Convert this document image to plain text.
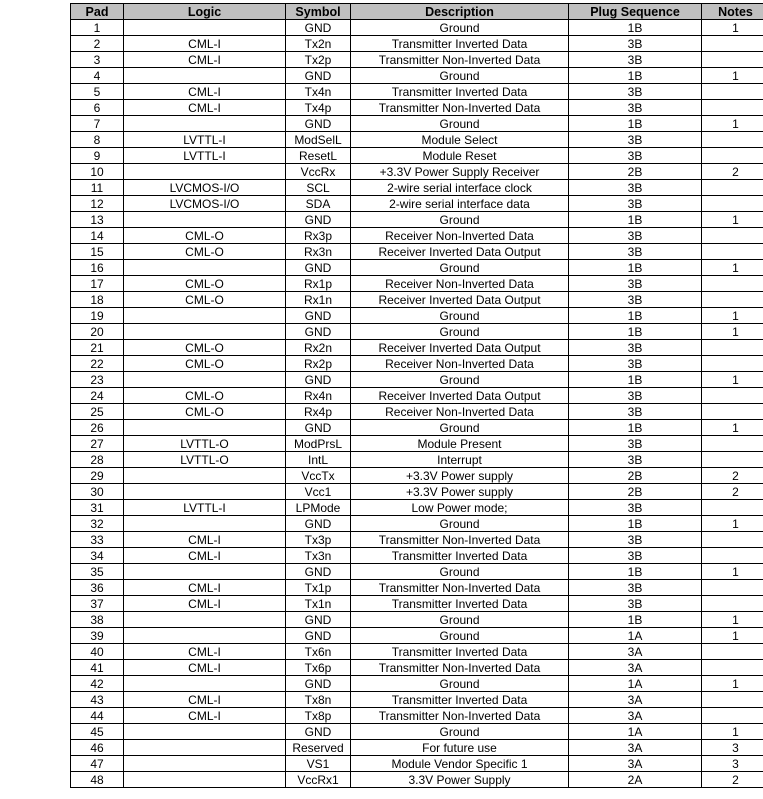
Pad	Logic	Symbol	Description	Plug Sequence	Notes
1		GND	Ground	1B	1
2	CML-I	Tx2n	Transmitter Inverted Data	3B	
3	CML-I	Tx2p	Transmitter Non-Inverted Data	3B	
4		GND	Ground	1B	1
5	CML-I	Tx4n	Transmitter Inverted Data	3B	
6	CML-I	Tx4p	Transmitter Non-Inverted Data	3B	
7		GND	Ground	1B	1
8	LVTTL-I	ModSelL	Module Select	3B	
9	LVTTL-I	ResetL	Module Reset	3B	
10		VccRx	+3.3V Power Supply Receiver	2B	2
11	LVCMOS-I/O	SCL	2-wire serial interface clock	3B	
12	LVCMOS-I/O	SDA	2-wire serial interface data	3B	
13		GND	Ground	1B	1
14	CML-O	Rx3p	Receiver Non-Inverted Data	3B	
15	CML-O	Rx3n	Receiver Inverted Data Output	3B	
16		GND	Ground	1B	1
17	CML-O	Rx1p	Receiver Non-Inverted Data	3B	
18	CML-O	Rx1n	Receiver Inverted Data Output	3B	
19		GND	Ground	1B	1
20		GND	Ground	1B	1
21	CML-O	Rx2n	Receiver Inverted Data Output	3B	
22	CML-O	Rx2p	Receiver Non-Inverted Data	3B	
23		GND	Ground	1B	1
24	CML-O	Rx4n	Receiver Inverted Data Output	3B	
25	CML-O	Rx4p	Receiver Non-Inverted Data	3B	
26		GND	Ground	1B	1
27	LVTTL-O	ModPrsL	Module Present	3B	
28	LVTTL-O	IntL	Interrupt	3B	
29		VccTx	+3.3V Power supply	2B	2
30		Vcc1	+3.3V Power supply	2B	2
31	LVTTL-I	LPMode	Low Power mode;	3B	
32		GND	Ground	1B	1
33	CML-I	Tx3p	Transmitter Non-Inverted Data	3B	
34	CML-I	Tx3n	Transmitter Inverted Data	3B	
35		GND	Ground	1B	1
36	CML-I	Tx1p	Transmitter Non-Inverted Data	3B	
37	CML-I	Tx1n	Transmitter Inverted Data	3B	
38		GND	Ground	1B	1
39		GND	Ground	1A	1
40	CML-I	Tx6n	Transmitter Inverted Data	3A	
41	CML-I	Tx6p	Transmitter Non-Inverted Data	3A	
42		GND	Ground	1A	1
43	CML-I	Tx8n	Transmitter Inverted Data	3A	
44	CML-I	Tx8p	Transmitter Non-Inverted Data	3A	
45		GND	Ground	1A	1
46		Reserved	For future use	3A	3
47		VS1	Module Vendor Specific 1	3A	3
48		VccRx1	3.3V Power Supply	2A	2
